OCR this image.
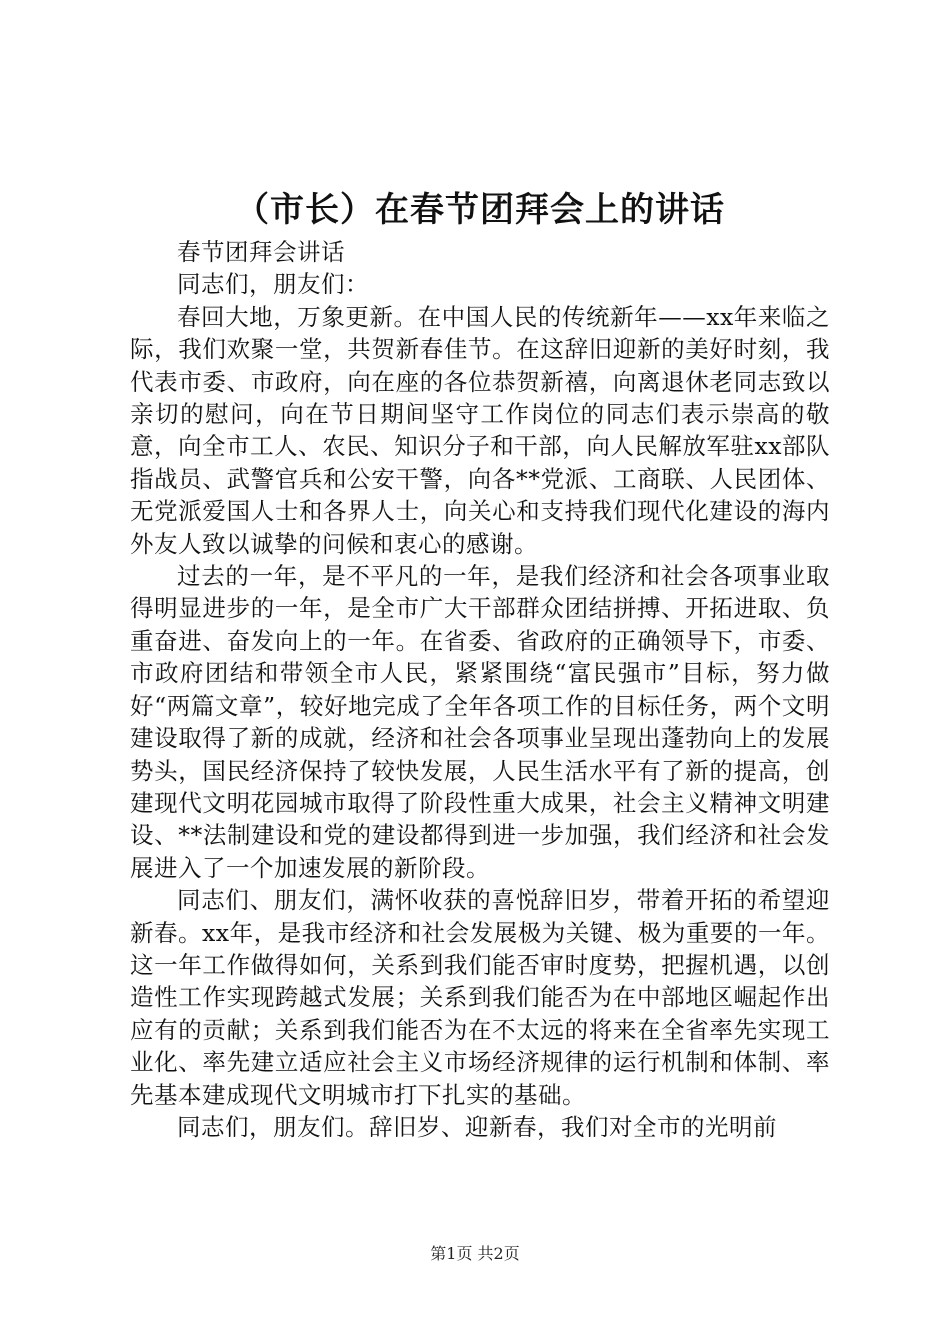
（市长）在春节团拜会上的讲话

春节团拜会讲话

同志们，朋友们：

春回大地，万象更新。在中国人民的传统新年——xx年来临之际，我们欢聚一堂，共贺新春佳节。在这辞旧迎新的美好时刻，我代表市委、市政府，向在座的各位恭贺新禧，向离退休老同志致以亲切的慰问，向在节日期间坚守工作岗位的同志们表示崇高的敬意，向全市工人、农民、知识分子和干部，向人民解放军驻xx部队指战员、武警官兵和公安干警，向各**党派、工商联、人民团体、无党派爱国人士和各界人士，向关心和支持我们现代化建设的海内外友人致以诚挚的问候和衷心的感谢。

过去的一年，是不平凡的一年，是我们经济和社会各项事业取得明显进步的一年，是全市广大干部群众团结拼搏、开拓进取、负重奋进、奋发向上的一年。在省委、省政府的正确领导下，市委、市政府团结和带领全市人民，紧紧围绕“富民强市”目标，努力做好“两篇文章”，较好地完成了全年各项工作的目标任务，两个文明建设取得了新的成就，经济和社会各项事业呈现出蓬勃向上的发展势头，国民经济保持了较快发展，人民生活水平有了新的提高，创建现代文明花园城市取得了阶段性重大成果，社会主义精神文明建设、**法制建设和党的建设都得到进一步加强，我们经济和社会发展进入了一个加速发展的新阶段。

同志们、朋友们，满怀收获的喜悦辞旧岁，带着开拓的希望迎新春。xx年，是我市经济和社会发展极为关键、极为重要的一年。这一年工作做得如何，关系到我们能否审时度势，把握机遇，以创造性工作实现跨越式发展；关系到我们能否为在中部地区崛起作出应有的贡献；关系到我们能否为在不太远的将来在全省率先实现工业化、率先建立适应社会主义市场经济规律的运行机制和体制、率先基本建成现代文明城市打下扎实的基础。

同志们，朋友们。辞旧岁、迎新春，我们对全市的光明前

第1页 共2页
